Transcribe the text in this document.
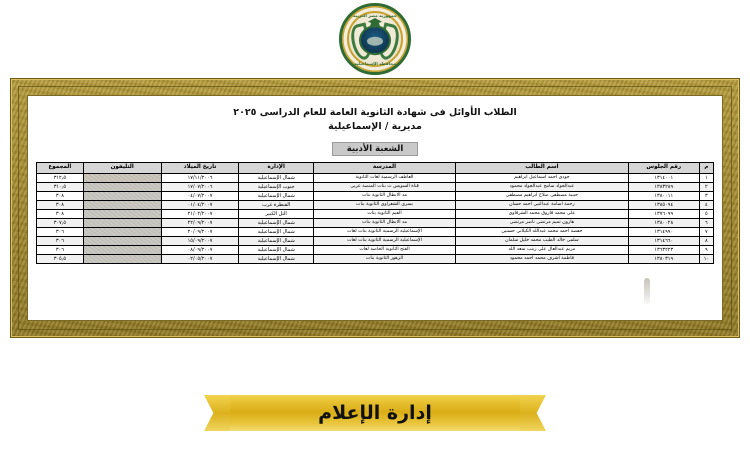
جمهورية مصر العربية
محافظة الإسماعيلية
الطلاب الأوائل فى شهادة الثانوية العامة للعام الدراسى ٢٠٢٥
مديرية / الإسماعيلية
الشعبة الأدبية
م	رقم الجلوس	اسم الطالب	المدرسة	الإدارة	تاريخ الميلاد	التليفون	المجموع
١	١٣١٤٠٠١	جودى احمد اسماعيل ابراهيم	العاطف الرسمية لغات الثانوية	شمال الإسماعيلية	١٧/١١/٢٠٠٦		٣١٢٫٥
٢	١٣٨٣٢٨٩	عبدالجواد سامح عبدالجواد محمود	قناة السويس ث بنات المنصة عربى	جنوب الإسماعيلية	١٧/٠٧/٢٠٠٦		٣١٠٫٥
٣	١٣٨٠٠١١	حبيبة مصطفى صلاح ابراهيم مصطفى	مد الابطال الثانوية بنات	شمال الإسماعيلية	٠٤/٠٧/٢٠٠٧		٣٠٨
٤	١٣٨٥٠٩٤	رحمة اسامة عبدالنبى احمد حسان	بسرى الشعراوى الثانوية بنات	القنطرة غرب	٠١/٠٤/٢٠٠٧		٣٠٨
٥	١٣٧٦٠٩٩	على محمد فاروق محمد الشرقاوى	الفيم الثانوية بنات	التل الكبير	٢١/٠٢/٢٠٠٧		٣٠٨
٦	١٣٨٠٠٢٨	هارون تميم مرتضى ناصر مرتضى	مد الابطال الثانوية بنات	شمال الإسماعيلية	٢٢/٠٩/٢٠٠٧		٣٠٧٫٥
٧	١٣١٤٩٩٠	حفصة احمد محمد عبدالله الكيلانى حسنين	الإسماعيلية الرسمية الثانوية بنات لغات	شمال الإسماعيلية	٢٠/٠٩/٢٠٠٧		٣٠٦
٨	١٣١٤٦٦٠	سلمى خالد الطيب محمد خليل سلمان	الإسماعيلية الرسمية الثانوية بنات لغات	شمال الإسماعيلية	١٥/٠٩/٢٠٠٧		٣٠٦
٩	١٣٦٣٢٢٣	مريم عبدالعال على زينب سعد الله	الفتح الثانوية الخاصة لغات	شمال الإسماعيلية	٠٨/٠٩/٢٠٠٧		٣٠٦
١٠	١٣٨٠٣١٩	فاطمة اشرف محمد احمد محمود	الزهور الثانوية بنات	شمال الإسماعيلية	٠٢/٠٥/٢٠٠٧		٣٠٥٫٥
إدارة الإعلام
